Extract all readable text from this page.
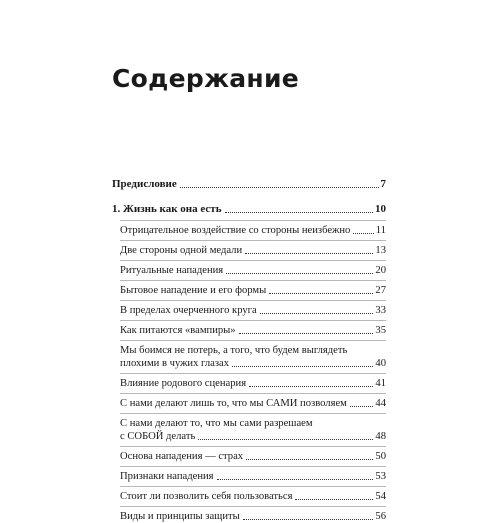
Содержание
Предисловие	7
1. Жизнь как она есть	10
Отрицательное воздействие со стороны неизбежно 11
Две стороны одной медали	13
Ритуальные нападения	20
Бытовое нападение и его формы	27
В пределах очерченного круга	33
Как питаются «вампиры»	35
Мы боимся не потерь, а того, что будем выглядеть
плохими в чужих глазах	40
Влияние родового сценария	41
С нами делают лишь то, что мы САМИ позволяем	44
С нами делают то, что мы сами разрешаем
с СОБОЙ делать	48
Основа нападения — страх	50
Признаки нападения	53
Стоит ли позволить себя пользоваться	54
Виды и принципы защиты	56
